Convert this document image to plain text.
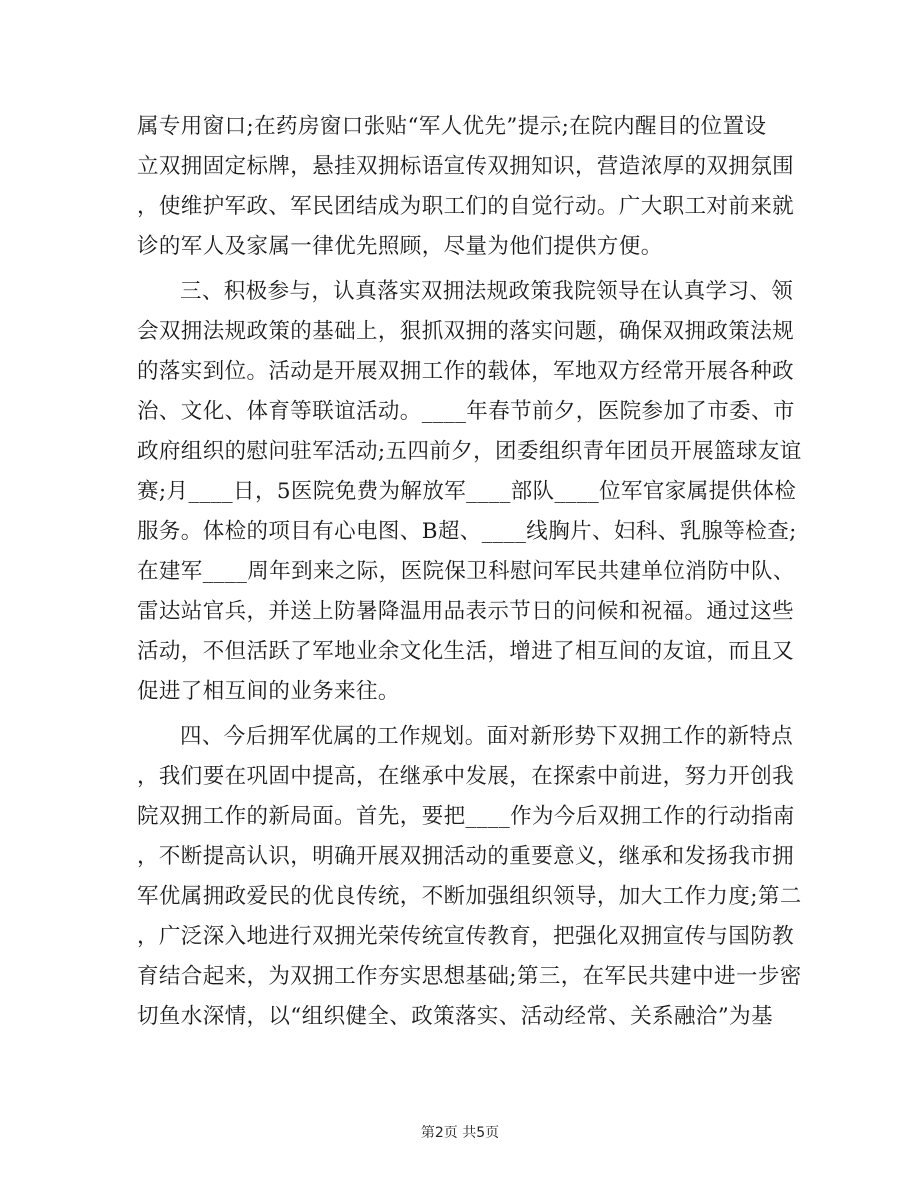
属专用窗口;在药房窗口张贴“军人优先”提示;在院内醒目的位置设
立双拥固定标牌，悬挂双拥标语宣传双拥知识，营造浓厚的双拥氛围
，使维护军政、军民团结成为职工们的自觉行动。广大职工对前来就
诊的军人及家属一律优先照顾，尽量为他们提供方便。
三、积极参与，认真落实双拥法规政策我院领导在认真学习、领
会双拥法规政策的基础上，狠抓双拥的落实问题，确保双拥政策法规
的落实到位。活动是开展双拥工作的载体，军地双方经常开展各种政
治、文化、体育等联谊活动。____年春节前夕，医院参加了市委、市
政府组织的慰问驻军活动;五四前夕，团委组织青年团员开展篮球友谊
赛;月____日，5医院免费为解放军____部队____位军官家属提供体检
服务。体检的项目有心电图、B超、____线胸片、妇科、乳腺等检查;
在建军____周年到来之际，医院保卫科慰问军民共建单位消防中队、
雷达站官兵，并送上防暑降温用品表示节日的问候和祝福。通过这些
活动，不但活跃了军地业余文化生活，增进了相互间的友谊，而且又
促进了相互间的业务来往。
四、今后拥军优属的工作规划。面对新形势下双拥工作的新特点
，我们要在巩固中提高，在继承中发展，在探索中前进，努力开创我
院双拥工作的新局面。首先，要把____作为今后双拥工作的行动指南
，不断提高认识，明确开展双拥活动的重要意义，继承和发扬我市拥
军优属拥政爱民的优良传统，不断加强组织领导，加大工作力度;第二
，广泛深入地进行双拥光荣传统宣传教育，把强化双拥宣传与国防教
育结合起来，为双拥工作夯实思想基础;第三，在军民共建中进一步密
切鱼水深情，以“组织健全、政策落实、活动经常、关系融洽”为基
第2页 共5页
